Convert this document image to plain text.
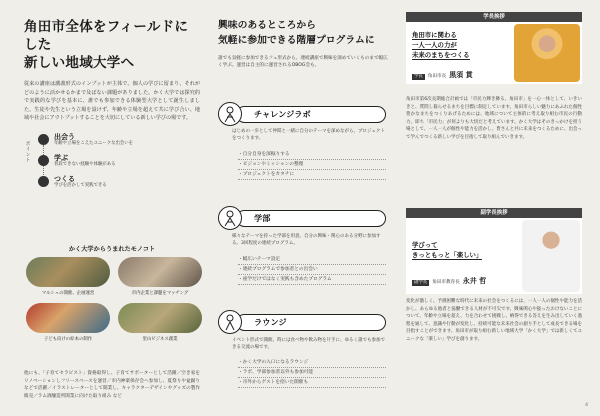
角田市全体をフィールドにした
新しい地域大学へ
従来の講座は講義形式のインプットが主体で、個人の学びに留まり、それがどのように活かせるかまで及ばない課題がありました。かく大学では探究的で実践的な学びを基本に、誰でも参加できる体験型大学として誕生しました。生徒や先生という立場を設けず、年齢や立場を超えて共に学び合い、地域や社会にアウトプットすることを大切にしている新しい学びの場です。
ポイント
出会う
年齢や立場をこえたユニークな出会いを
学ぶ
普段できない経験や体験がある
つくる
学びを活かして実践できる
かく大学からうまれたモノコト
マルシェの開催、企画運営	市内企業と課題をマッチング
子ども向けの絵本の制作	里山ビジネス創業
他にも、「子育てセラピスト」資格取得し、子育てサポーターとして活躍／空き家をリノベーションしフリースペースを運営／市内神楽保存会へ参加し、夏祭りや盆踊りなどで活躍／イラストレーターとして開業し、キャラクターデザインやグッズの製作販売／ラム酒醸造所開業に向けた取り組み など
興味のあるところから
気軽に参加できる階層プログラムに
誰でも気軽に参加できるフェ形式から、連続講座で興味を深めていくものまで幅広く学ぶ。運営は自主的に運営されるOBOG会も。
チャレンジラボ
はじめの一歩として仲間と一緒に自分のテーマを深めながら、プロジェクトをつくります。
・自分自身を深掘りする
・ビジョンやミッションの整理
・プロジェクトをカタチに
学部
様々なテーマを持った学部を用意。自分の興味・関心のある分野に参加する。3回程度の連続プログラム。
・幅広いテーマ設定
・連続プログラムで参加者との出会い
・座学だけではなく実践も含めたプログラム
ラウンジ
イベント形式で開催。時には食べ物や飲み物を片手に、ゆるく誰でも参加できる交流の場です。
・かく大学の入口になるラウンジ
・ラボ、学部参加者以外も参加可能
・市外からゲストを招いた開催も
学長挨拶
角田市に関わる
一人一人の力が
未来のまちをつくる
学長 角田市長 黒須 貫
角田市第6次長期総合計画では「市民力輝き舞る、角田市」を一心一体として、いきいきと、質問し暮らせるまちを目標に制定しています。角田市らしい魅力にあふれた個性豊かなまちをつくりあげるためには、地域について主体的に考え取り組む市民の行動力、即ち「市民力」が何よりも大切だと考えています。かく大学はそのきっかけを担う場として、一人一人が個性や能力を活かし、皆さんと共に未来をつくるために、出会って学んでつくる新しい学びを目指して取り組んでいきます。
副学長挨拶
学びって
きっともっと「楽しい」
副学長 角田市教育長 永井 哲
変化が激しく、予測困難な時代に未来の社会をつくるには、一人一人の個性や能力を活かし、あらゆる他者と協働できる人材が不可欠です。興味関心や扱ったおけないことについて、年齢や立場を超え、力を合わせて挑戦し、納得できる答えを生み出していく過程を通して、意識や行動が変化し、持続可能な未来社会の創り手として成長できる場を目指すことができます。角田市が取り組む新しい地域大学「かく大学」では新しくてユニークな「楽しい」学びを創ります。
4
